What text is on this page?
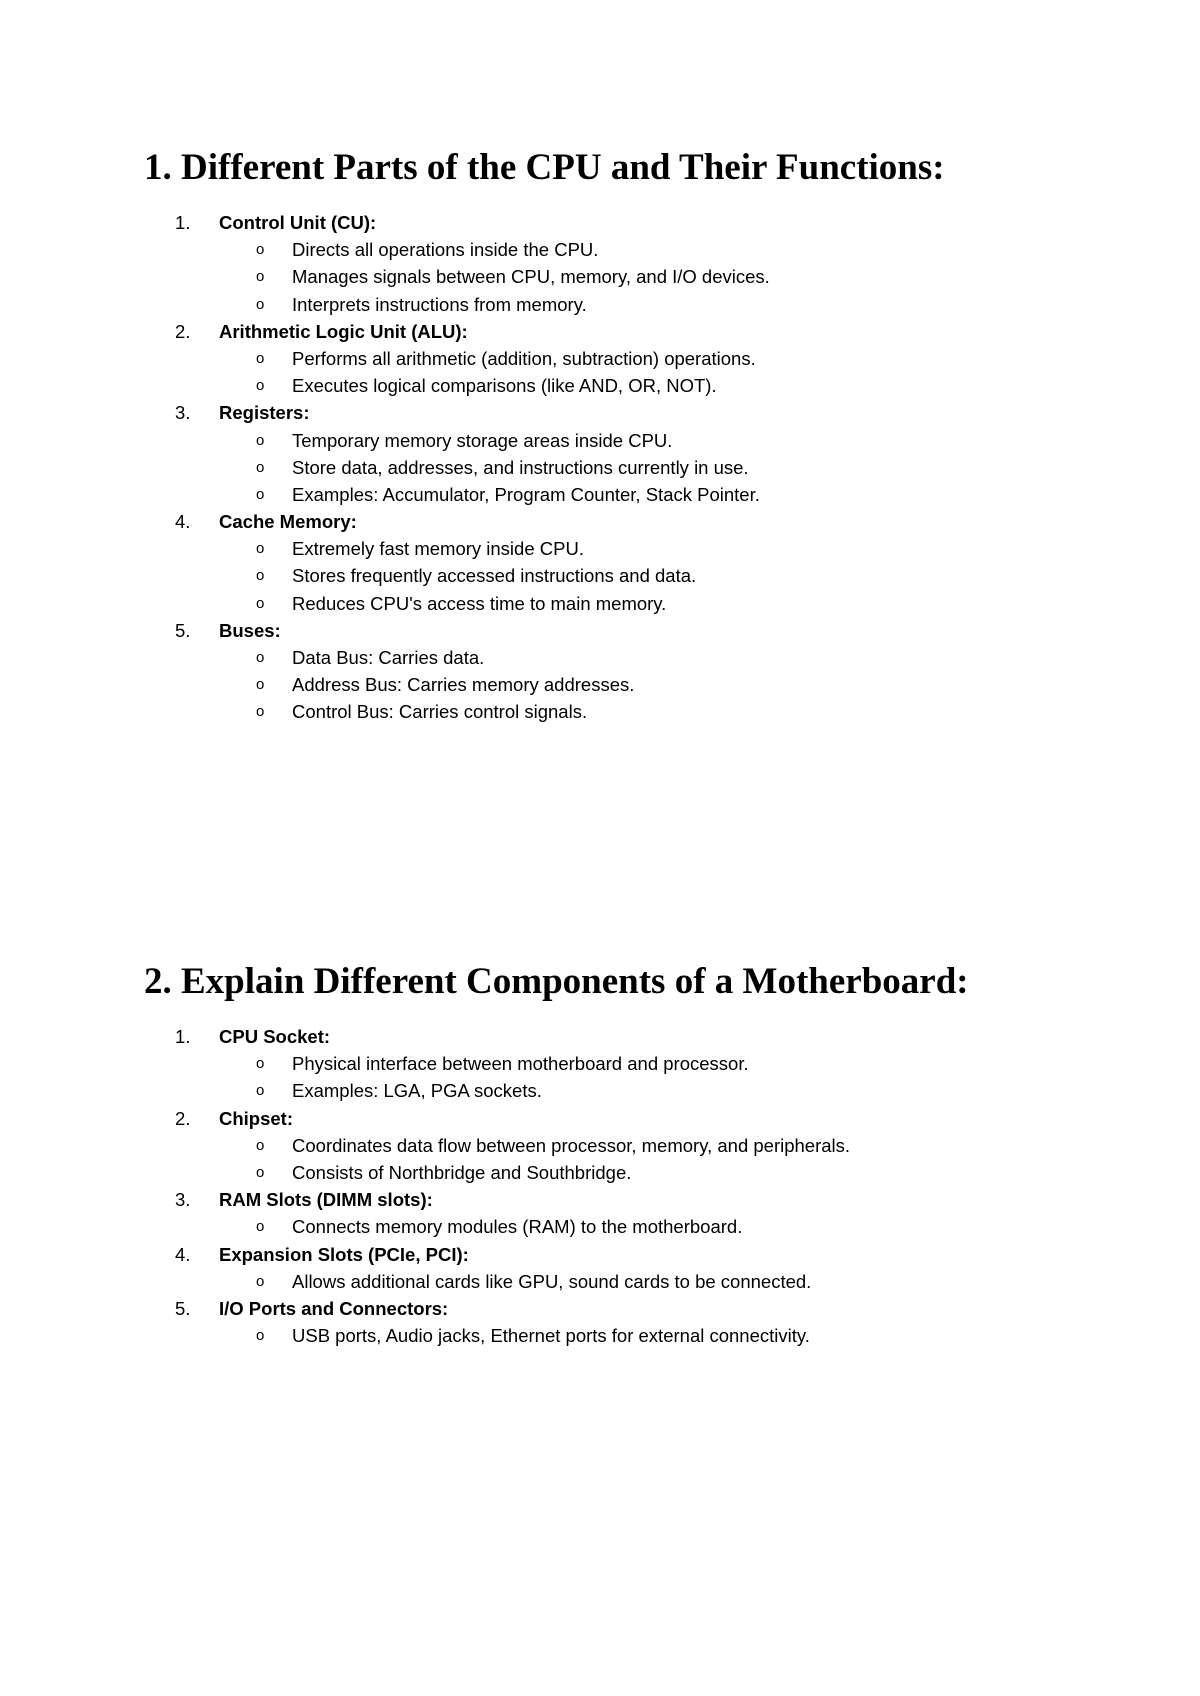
1. Different Parts of the CPU and Their Functions:
1.	Control Unit (CU):
o Directs all operations inside the CPU.
o Manages signals between CPU, memory, and I/O devices.
o Interprets instructions from memory.
2.	Arithmetic Logic Unit (ALU):
o Performs all arithmetic (addition, subtraction) operations.
o Executes logical comparisons (like AND, OR, NOT).
3.	Registers:
o Temporary memory storage areas inside CPU.
o Store data, addresses, and instructions currently in use.
o Examples: Accumulator, Program Counter, Stack Pointer.
4.	Cache Memory:
o Extremely fast memory inside CPU.
o Stores frequently accessed instructions and data.
o Reduces CPU's access time to main memory.
5.	Buses:
o Data Bus: Carries data.
o Address Bus: Carries memory addresses.
o Control Bus: Carries control signals.
2. Explain Different Components of a Motherboard:
1.	CPU Socket:
o Physical interface between motherboard and processor.
o Examples: LGA, PGA sockets.
2.	Chipset:
o Coordinates data flow between processor, memory, and peripherals.
o Consists of Northbridge and Southbridge.
3.	RAM Slots (DIMM slots):
o Connects memory modules (RAM) to the motherboard.
4.	Expansion Slots (PCIe, PCI):
o Allows additional cards like GPU, sound cards to be connected.
5.	I/O Ports and Connectors:
o USB ports, Audio jacks, Ethernet ports for external connectivity.
